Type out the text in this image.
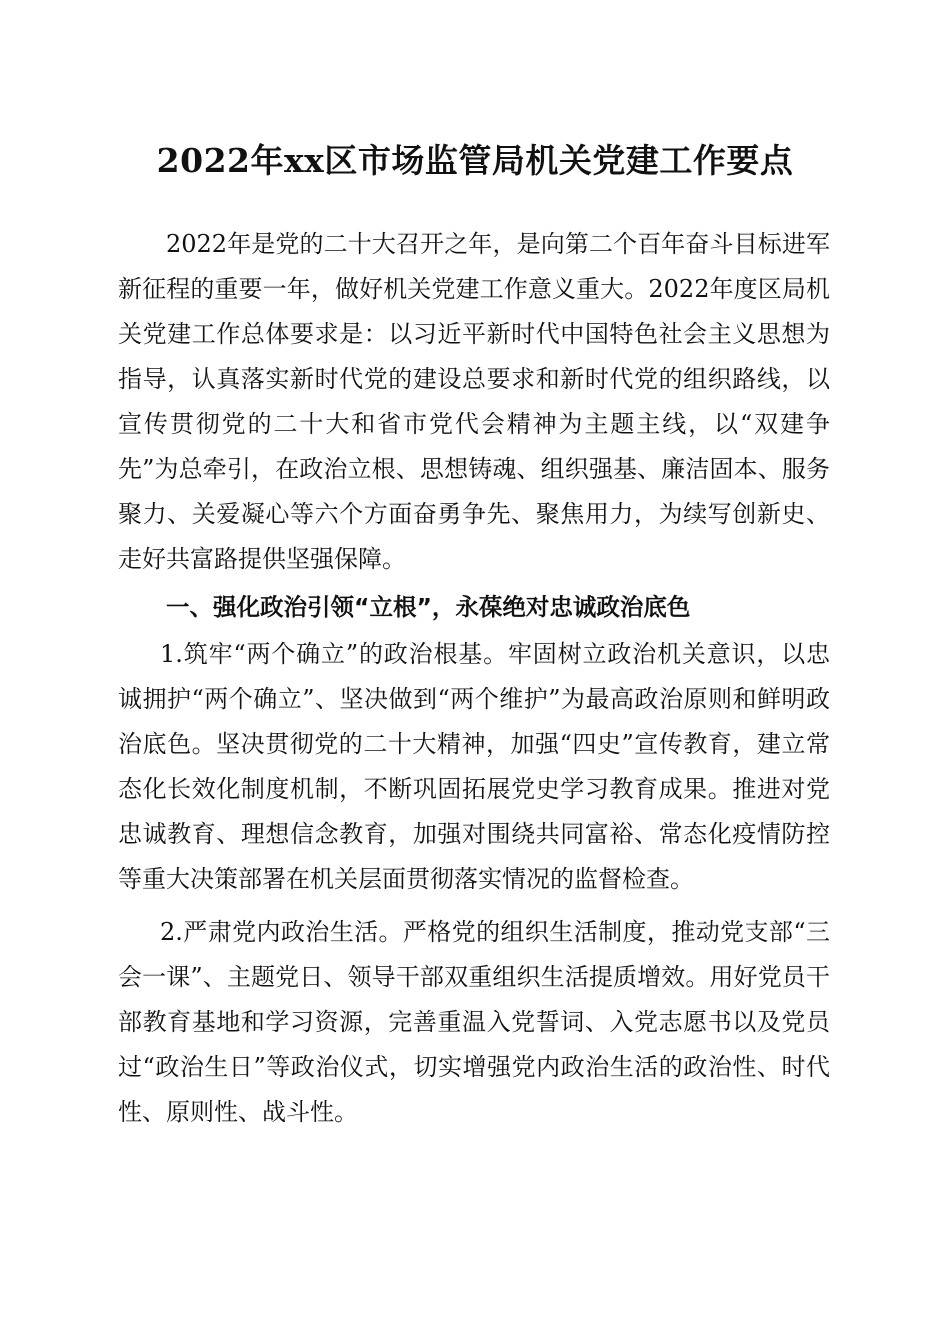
2022年xx区市场监管局机关党建工作要点

2022年是党的二十大召开之年，是向第二个百年奋斗目标进军新征程的重要一年，做好机关党建工作意义重大。2022年度区局机关党建工作总体要求是：以习近平新时代中国特色社会主义思想为指导，认真落实新时代党的建设总要求和新时代党的组织路线，以宣传贯彻党的二十大和省市党代会精神为主题主线，以“双建争先”为总牵引，在政治立根、思想铸魂、组织强基、廉洁固本、服务聚力、关爱凝心等六个方面奋勇争先、聚焦用力，为续写创新史、走好共富路提供坚强保障。

一、强化政治引领“立根”，永葆绝对忠诚政治底色

1.筑牢“两个确立”的政治根基。牢固树立政治机关意识，以忠诚拥护“两个确立”、坚决做到“两个维护”为最高政治原则和鲜明政治底色。坚决贯彻党的二十大精神，加强“四史”宣传教育，建立常态化长效化制度机制，不断巩固拓展党史学习教育成果。推进对党忠诚教育、理想信念教育，加强对围绕共同富裕、常态化疫情防控等重大决策部署在机关层面贯彻落实情况的监督检查。

2.严肃党内政治生活。严格党的组织生活制度，推动党支部“三会一课”、主题党日、领导干部双重组织生活提质增效。用好党员干部教育基地和学习资源，完善重温入党誓词、入党志愿书以及党员过“政治生日”等政治仪式，切实增强党内政治生活的政治性、时代性、原则性、战斗性。
